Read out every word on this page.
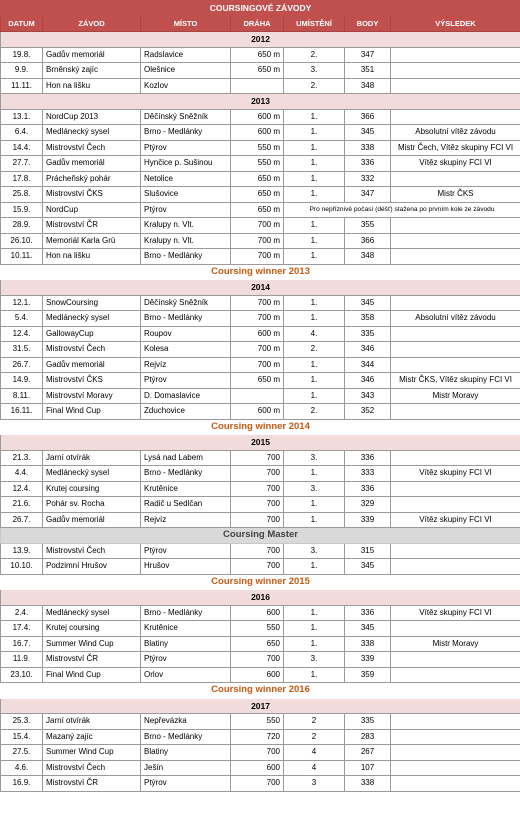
COURSINGOVÉ ZÁVODY						
DATUM	ZÁVOD	MÍSTO	DRÁHA	UMÍSTĚNÍ	BODY	VÝSLEDEK
2012						
19.8.	Gadův memoriál	Radslavice	650 m	2.	347	
9.9.	Brněnský zajíc	Olešnice	650 m	3.	351	
11.11.	Hon na lišku	Kozlov		2.	348	
2013						
13.1.	NordCup 2013	Děčínský Sněžník	600 m	1.	366	
6.4.	Medlánecký sysel	Brno - Medlánky	600 m	1.	345	Absolutní vítěz závodu
14.4.	Mistrovství Čech	Ptýrov	550 m	1.	338	Mistr Čech, Vítěz skupiny FCI VI
27.7.	Gadův memoriál	Hynčice p. Sušinou	550 m	1.	336	Vítěz skupiny FCI VI
17.8.	Prácheňský pohár	Netolice	650 m	1.	332	
25.8.	Mistrovství ČKS	Slušovice	650 m	1.	347	Mistr ČKS
15.9.	NordCup	Ptýrov	650 m	Pro nepříznivé počasí (déšť) stažena po prvním kole ze závodu		
28.9.	Mistrovství ČR	Kralupy n. Vlt.	700 m	1.	355	
26.10.	Memoriál Karla Grü	Kralupy n. Vlt.	700 m	1.	366	
10.11.	Hon na lišku	Brno - Medlánky	700 m	1.	348	
Coursing winner 2013						
2014						
12.1.	SnowCoursing	Děčínský Sněžník	700 m	1.	345	
5.4.	Medlánecký sysel	Brno - Medlánky	700 m	1.	358	Absolutní vítěz závodu
12.4.	GallowayCup	Roupov	600 m	4.	335	
31.5.	Mistrovství Čech	Kolesa	700 m	2.	346	
26.7.	Gadův memoriál	Rejvíz	700 m	1.	344	
14.9.	Mistrovství ČKS	Ptýrov	650 m	1.	346	Mistr ČKS, Vítěz skupiny FCI VI
8.11.	Mistrovství Moravy	D. Domaslavice		1.	343	Mistr Moravy
16.11.	Final Wind Cup	Zduchovice	600 m	2.	352	
Coursing winner 2014						
2015						
21.3.	Jarní otvírák	Lysá nad Labem	700	3.	336	
4.4.	Medlánecký sysel	Brno - Medlánky	700	1.	333	Vítěz skupiny FCI VI
12.4.	Krutej coursing	Krutěnice	700	3.	336	
21.6.	Pohár sv. Rocha	Radič u Sedlčan	700	1.	329	
26.7.	Gadův memoriál	Rejvíz	700	1.	339	Vítěz skupiny FCI VI
Coursing Master						
13.9.	Mistrovství Čech	Ptýrov	700	3.	315	
10.10.	Podzimní Hrušov	Hrušov	700	1.	345	
Coursing winner 2015						
2016						
2.4.	Medlánecký sysel	Brno - Medlánky	600	1.	336	Vítěz skupiny FCI VI
17.4.	Krutej coursing	Krutěnice	550	1.	345	
16.7.	Summer Wind Cup	Blatiny	650	1.	338	Mistr Moravy
11.9.	Mistrovství ČR	Ptýrov	700	3.	339	
23.10.	Final Wind Cup	Orlov	600	1.	359	
Coursing winner 2016						
2017						
25.3.	Jarní otvírák	Nepřevázka	550	2	335	
15.4.	Mazaný zajíc	Brno - Medlánky	720	2	283	
27.5.	Summer Wind Cup	Blatiny	700	4	267	
4.6.	Mistrovství Čech	Ješín	600	4	107	
16.9.	Mistrovství ČR	Ptýrov	700	3	338	
